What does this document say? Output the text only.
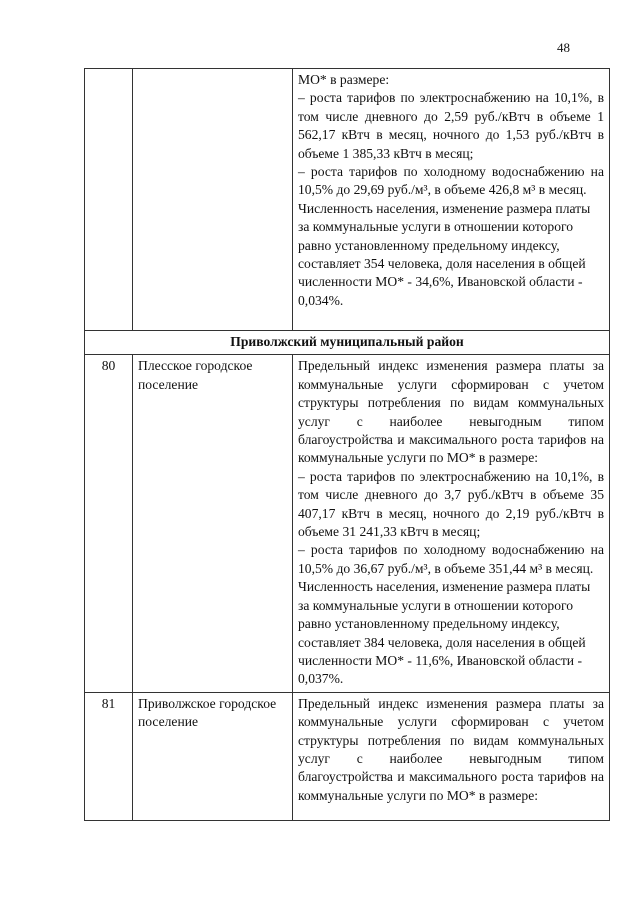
48

		МО* в размере:
– роста тарифов по электроснабжению на 10,1%, в том числе дневного до 2,59 руб./кВтч в объеме 1 562,17 кВтч в месяц, ночного до 1,53 руб./кВтч в объеме 1 385,33 кВтч в месяц;
– роста тарифов по холодному водоснабжению на 10,5% до 29,69 руб./м³, в объеме 426,8 м³ в месяц.
Численность населения, изменение размера платы за коммунальные услуги в отношении которого равно установленному предельному индексу, составляет 354 человека, доля населения в общей численности МО* - 34,6%, Ивановской области - 0,034%.

Приволжский муниципальный район		
80	Плесское городское поселение	Предельный индекс изменения размера платы за коммунальные услуги сформирован с учетом структуры потребления по видам коммунальных услуг с наиболее невыгодным типом благоустройства и максимального роста тарифов на коммунальные услуги по МО* в размере:
– роста тарифов по электроснабжению на 10,1%, в том числе дневного до 3,7 руб./кВтч в объеме 35 407,17 кВтч в месяц, ночного до 2,19 руб./кВтч в объеме 31 241,33 кВтч в месяц;
– роста тарифов по холодному водоснабжению на 10,5% до 36,67 руб./м³, в объеме 351,44 м³ в месяц.
Численность населения, изменение размера платы за коммунальные услуги в отношении которого равно установленному предельному индексу, составляет 384 человека, доля населения в общей численности МО* - 11,6%, Ивановской области - 0,037%.

81	Приволжское городское поселение	Предельный индекс изменения размера платы за коммунальные услуги сформирован с учетом структуры потребления по видам коммунальных услуг с наиболее невыгодным типом благоустройства и максимального роста тарифов на коммунальные услуги по МО* в размере:
